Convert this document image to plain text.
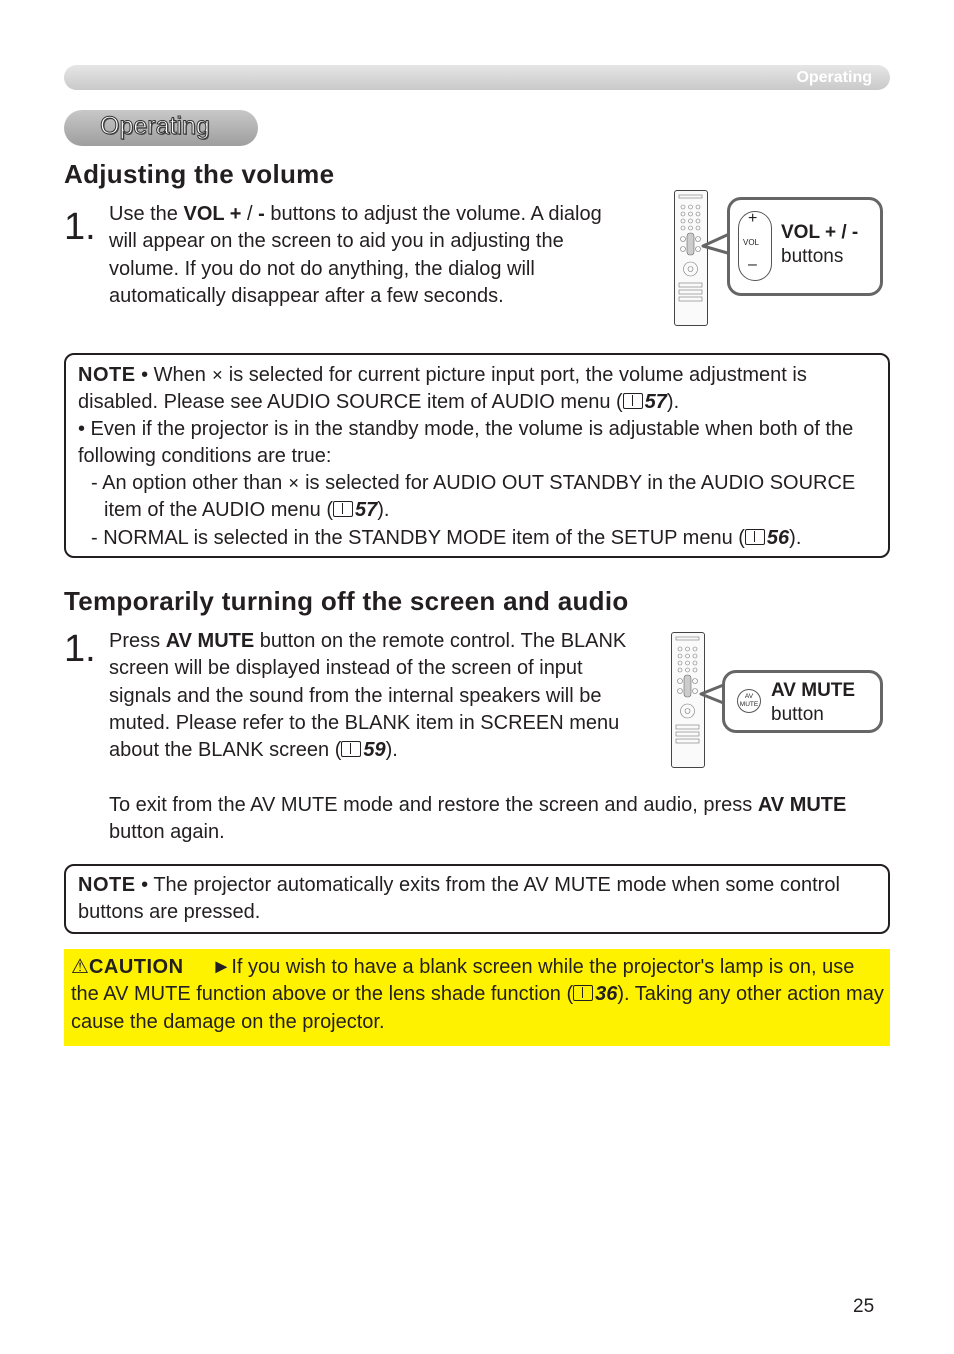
Operating
Operating
Adjusting the volume
1. Use the VOL + / - buttons to adjust the volume. A dialog will appear on the screen to aid you in adjusting the volume. If you do not do anything, the dialog will automatically disappear after a few seconds.

+
VOL
–
VOL + / -
buttons

NOTE • When ✕ is selected for current picture input port, the volume adjustment is disabled. Please see AUDIO SOURCE item of AUDIO menu ( 57).

• Even if the projector is in the standby mode, the volume is adjustable when both of the following conditions are true:

- An option other than ✕ is selected for AUDIO OUT STANDBY in the AUDIO SOURCE item of the AUDIO menu ( 57).

- NORMAL is selected in the STANDBY MODE item of the SETUP menu ( 56).

Temporarily turning off the screen and audio
1. Press AV MUTE button on the remote control. The BLANK screen will be displayed instead of the screen of input signals and the sound from the internal speakers will be muted. Please refer to the BLANK item in SCREEN menu about the BLANK screen ( 59).

To exit from the AV MUTE mode and restore the screen and audio, press AV MUTE button again.

AV
MUTE
AV MUTE
button

NOTE • The projector automatically exits from the AV MUTE mode when some control buttons are pressed.

⚠CAUTION ►If you wish to have a blank screen while the projector's lamp is on, use the AV MUTE function above or the lens shade function ( 36). Taking any other action may cause the damage on the projector.

25
